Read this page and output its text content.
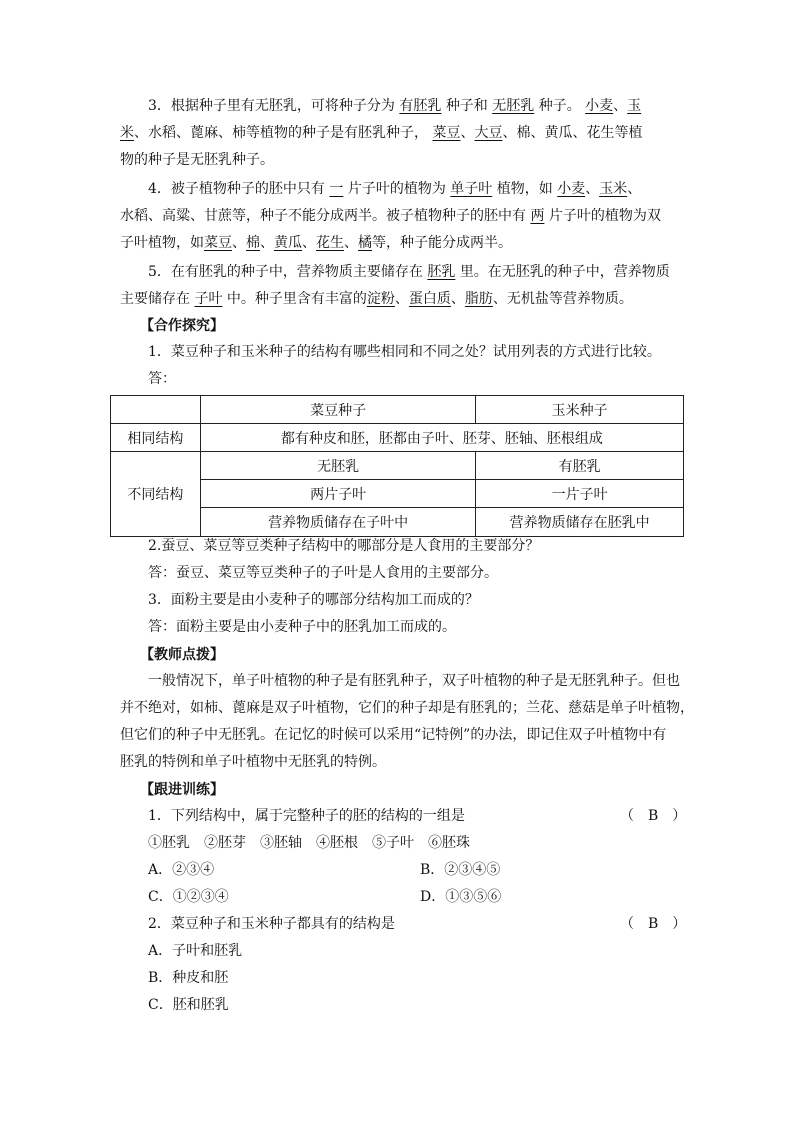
3．根据种子里有无胚乳，可将种子分为 有胚乳 种子和 无胚乳 种子。 小麦、玉
米、水稻、蓖麻、柿等植物的种子是有胚乳种子， 菜豆、大豆、棉、黄瓜、花生等植
物的种子是无胚乳种子。
4．被子植物种子的胚中只有 一 片子叶的植物为 单子叶 植物，如 小麦、玉米、
水稻、高粱、甘蔗等，种子不能分成两半。被子植物种子的胚中有 两 片子叶的植物为双
子叶植物，如菜豆、棉、黄瓜、花生、橘等，种子能分成两半。
5．在有胚乳的种子中，营养物质主要储存在 胚乳 里。在无胚乳的种子中，营养物质
主要储存在 子叶 中。种子里含有丰富的淀粉、蛋白质、脂肪、无机盐等营养物质。
【合作探究】
1．菜豆种子和玉米种子的结构有哪些相同和不同之处？试用列表的方式进行比较。
答：
	菜豆种子	玉米种子
相同结构	都有种皮和胚，胚都由子叶、胚芽、胚轴、胚根组成	
不同结构	无胚乳	有胚乳
	两片子叶	一片子叶
	营养物质储存在子叶中	营养物质储存在胚乳中
2.蚕豆、菜豆等豆类种子结构中的哪部分是人食用的主要部分？
答：蚕豆、菜豆等豆类种子的子叶是人食用的主要部分。
3．面粉主要是由小麦种子的哪部分结构加工而成的？
答：面粉主要是由小麦种子中的胚乳加工而成的。
【教师点拨】
一般情况下，单子叶植物的种子是有胚乳种子，双子叶植物的种子是无胚乳种子。但也
并不绝对，如柿、蓖麻是双子叶植物，它们的种子却是有胚乳的；兰花、慈菇是单子叶植物，
但它们的种子中无胚乳。在记忆的时候可以采用“记特例”的办法，即记住双子叶植物中有
胚乳的特例和单子叶植物中无胚乳的特例。
【跟进训练】
1．下列结构中，属于完整种子的胚的结构的一组是	（　B　）
①胚乳　②胚芽　③胚轴　④胚根　⑤子叶　⑥胚珠
A．②③④	B．②③④⑤
C．①②③④	D．①③⑤⑥
2．菜豆种子和玉米种子都具有的结构是	（　B　）
A．子叶和胚乳
B．种皮和胚
C．胚和胚乳
